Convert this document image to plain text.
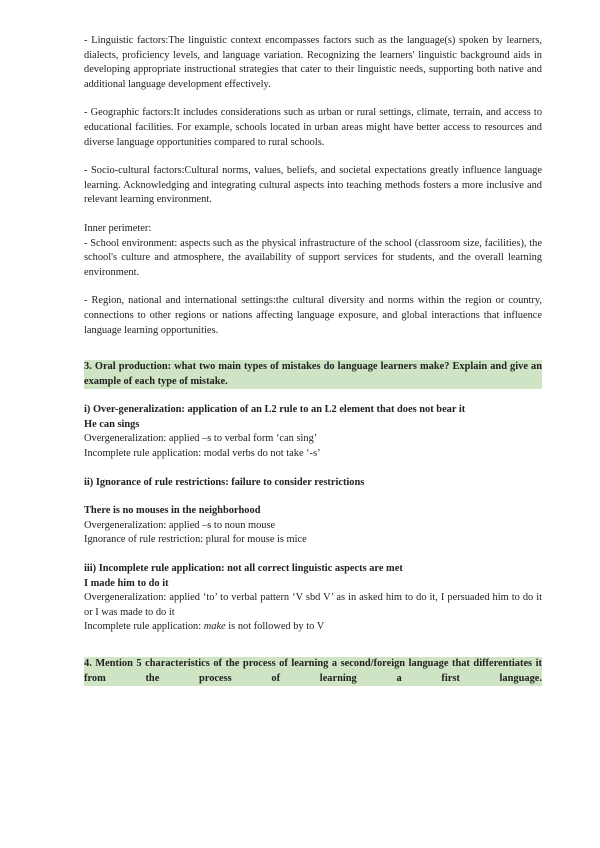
- Linguistic factors:The linguistic context encompasses factors such as the language(s) spoken by learners, dialects, proficiency levels, and language variation. Recognizing the learners' linguistic background aids in developing appropriate instructional strategies that cater to their linguistic needs, supporting both native and additional language development effectively.

- Geographic factors:It includes considerations such as urban or rural settings, climate, terrain, and access to educational facilities. For example, schools located in urban areas might have better access to resources and diverse language opportunities compared to rural schools.

- Socio-cultural factors:Cultural norms, values, beliefs, and societal expectations greatly influence language learning. Acknowledging and integrating cultural aspects into teaching methods fosters a more inclusive and relevant learning environment.

Inner perimeter:

- School environment: aspects such as the physical infrastructure of the school (classroom size, facilities), the school's culture and atmosphere, the availability of support services for students, and the overall learning environment.

- Region, national and international settings:the cultural diversity and norms within the region or country, connections to other regions or nations affecting language exposure, and global interactions that influence language learning opportunities.

3. Oral production: what two main types of mistakes do language learners make? Explain and give an example of each type of mistake.

i) Over-generalization: application of an L2 rule to an L2 element that does not bear it

He can sings

Overgeneralization: applied –s to verbal form ‘can sing’

Incomplete rule application: modal verbs do not take ‘-s’

ii) Ignorance of rule restrictions: failure to consider restrictions

There is no mouses in the neighborhood

Overgeneralization: applied –s to noun mouse

Ignorance of rule restriction: plural for mouse is mice

iii) Incomplete rule application: not all correct linguistic aspects are met

I made him to do it

Overgeneralization: applied ‘to’ to verbal pattern ‘V sbd V’ as in asked him to do it, I persuaded him to do it or I was made to do it

Incomplete rule application: make is not followed by to V

4. Mention 5 characteristics of the process of learning a second/foreign language that differentiates it from the process of learning a first language.
